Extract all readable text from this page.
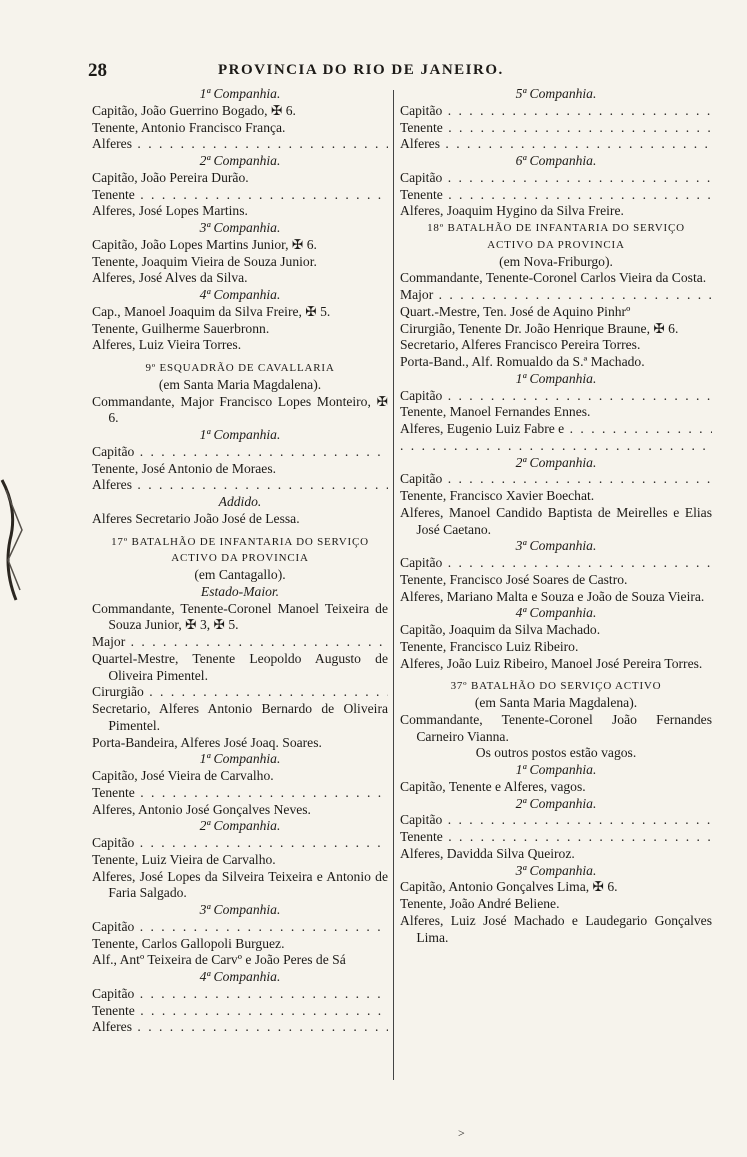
28	PROVINCIA DO RIO DE JANEIRO.
1ª Companhia.
Capitão, João Guerrino Bogado, ✠ 6.
Tenente, Antonio Francisco França.
Alferes . . .
2ª Companhia.
Capitão, João Pereira Durão.
Tenente . . .
Alferes, José Lopes Martins.
3ª Companhia.
Capitão, João Lopes Martins Junior, ✠ 6.
Tenente, Joaquim Vieira de Souza Junior.
Alferes, José Alves da Silva.
4ª Companhia.
Cap., Manoel Joaquim da Silva Freire, ✠ 5.
Tenente, Guilherme Sauerbronn.
Alferes, Luiz Vieira Torres.
9º ESQUADRÃO DE CAVALLARIA
(em Santa Maria Magdalena).
Commandante, Major Francisco Lopes Monteiro, ✠ 6.
1ª Companhia.
Capitão . . .
Tenente, José Antonio de Moraes.
Alferes . . .
Addido.
Alferes Secretario João José de Lessa.
17º BATALHÃO DE INFANTARIA DO SERVIÇO
ACTIVO DA PROVINCIA
(em Cantagallo).
Estado-Maior.
Commandante, Tenente-Coronel Manoel Teixeira de Souza Junior, ✠ 3, ✠ 5.
Major . . .
Quartel-Mestre, Tenente Leopoldo Augusto de Oliveira Pimentel.
Cirurgião . . .
Secretario, Alferes Antonio Bernardo de Oliveira Pimentel.
Porta-Bandeira, Alferes José Joaq. Soares.
1ª Companhia.
Capitão, José Vieira de Carvalho.
Tenente . . .
Alferes, Antonio José Gonçalves Neves.
2ª Companhia.
Capitão . . .
Tenente, Luiz Vieira de Carvalho.
Alferes, José Lopes da Silveira Teixeira e Antonio de Faria Salgado.
3ª Companhia.
Capitão . . .
Tenente, Carlos Gallopoli Burguez.
Alf., Antº Teixeira de Carvº e João Peres de Sá
4ª Companhia.
Capitão . . .
Tenente . . .
Alferes . . .
5ª Companhia.
Capitão . . .
Tenente . . .
Alferes . . .
6ª Companhia.
Capitão . . .
Tenente . . .
Alferes, Joaquim Hygino da Silva Freire.
18º BATALHÃO DE INFANTARIA DO SERVIÇO
ACTIVO DA PROVINCIA
(em Nova-Friburgo).
Commandante, Tenente-Coronel Carlos Vieira da Costa.
Major . . .
Quart.-Mestre, Ten. José de Aquino Pinhrº
Cirurgião, Tenente Dr. João Henrique Braune, ✠ 6.
Secretario, Alferes Francisco Pereira Torres.
Porta-Band., Alf. Romualdo da S.ª Machado.
1ª Companhia.
Capitão . . .
Tenente, Manoel Fernandes Ennes.
Alferes, Eugenio Luiz Fabre e . . .
. . .
2ª Companhia.
Capitão . . .
Tenente, Francisco Xavier Boechat.
Alferes, Manoel Candido Baptista de Meirelles e Elias José Caetano.
3ª Companhia.
Capitão . . .
Tenente, Francisco José Soares de Castro.
Alferes, Mariano Malta e Souza e João de Souza Vieira.
4ª Companhia.
Capitão, Joaquim da Silva Machado.
Tenente, Francisco Luiz Ribeiro.
Alferes, João Luiz Ribeiro, Manoel José Pereira Torres.
37º BATALHÃO DO SERVIÇO ACTIVO
(em Santa Maria Magdalena).
Commandante, Tenente-Coronel João Fernandes Carneiro Vianna.
Os outros postos estão vagos.
1ª Companhia.
Capitão, Tenente e Alferes, vagos.
2ª Companhia.
Capitão . . .
Tenente . . .
Alferes, Davidda Silva Queiroz.
3ª Companhia.
Capitão, Antonio Gonçalves Lima, ✠ 6.
Tenente, João André Beliene.
Alferes, Luiz José Machado e Laudegario Gonçalves Lima.
>
